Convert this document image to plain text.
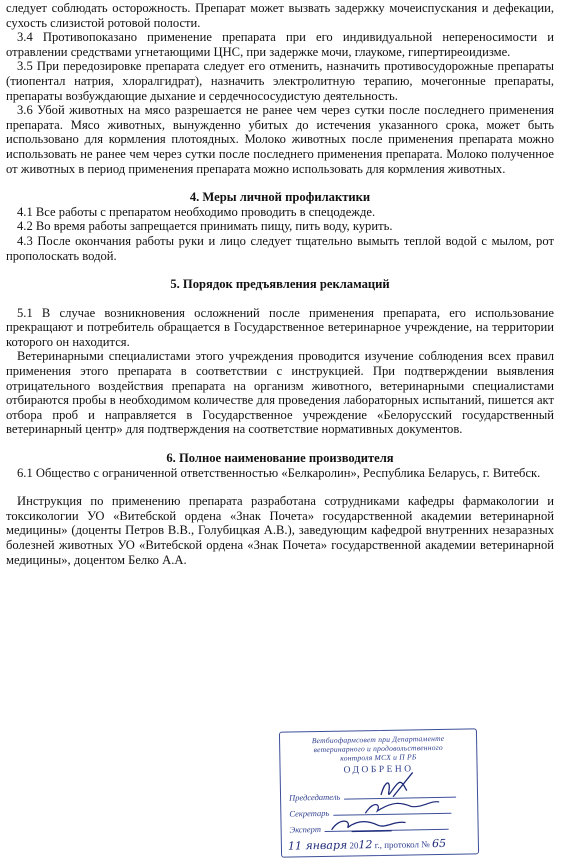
следует соблюдать осторожность. Препарат может вызвать задержку мочеиспускания и дефекации, сухость слизистой ротовой полости.

3.4 Противопоказано применение препарата при его индивидуальной непереносимости и отравлении средствами угнетающими ЦНС, при задержке мочи, глаукоме, гипертиреоидизме.

3.5 При передозировке препарата следует его отменить, назначить противосудорожные препараты (тиопентал натрия, хлоралгидрат), назначить электролитную терапию, мочегонные препараты, препараты возбуждающие дыхание и сердечнососудистую деятельность.

3.6 Убой животных на мясо разрешается не ранее чем через сутки после последнего применения препарата. Мясо животных, вынужденно убитых до истечения указанного срока, может быть использовано для кормления плотоядных. Молоко животных после применения препарата можно использовать не ранее чем через сутки после последнего применения препарата. Молоко полученное от животных в период применения препарата можно использовать для кормления животных.

4. Меры личной профилактики

4.1 Все работы с препаратом необходимо проводить в спецодежде.

4.2 Во время работы запрещается принимать пищу, пить воду, курить.

4.3 После окончания работы руки и лицо следует тщательно вымыть теплой водой с мылом, рот прополоскать водой.

5. Порядок предъявления рекламаций

5.1 В случае возникновения осложнений после применения препарата, его использование прекращают и потребитель обращается в Государственное ветеринарное учреждение, на территории которого он находится.

Ветеринарными специалистами этого учреждения проводится изучение соблюдения всех правил применения этого препарата в соответствии с инструкцией. При подтверждении выявления отрицательного воздействия препарата на организм животного, ветеринарными специалистами отбираются пробы в необходимом количестве для проведения лабораторных испытаний, пишется акт отбора проб и направляется в Государственное учреждение «Белорусский государственный ветеринарный центр» для подтверждения на соответствие нормативных документов.

6. Полное наименование производителя

6.1 Общество с ограниченной ответственностью «Белкаролин», Республика Беларусь, г. Витебск.

Инструкция по применению препарата разработана сотрудниками кафедры фармакологии и токсикологии УО «Витебской ордена «Знак Почета» государственной академии ветеринарной медицины» (доценты Петров В.В., Голубицкая А.В.), заведующим кафедрой внутренних незаразных болезней животных УО «Витебской ордена «Знак Почета» государственной академии ветеринарной медицины», доцентом Белко А.А.

Ветбиофармсовет при Департаменте
ветеринарного и продовольственного
контроля МСХ и П РБ
ОДОБРЕНО
Председатель
Секретарь
Эксперт
11 января 2012 г., протокол № 65
